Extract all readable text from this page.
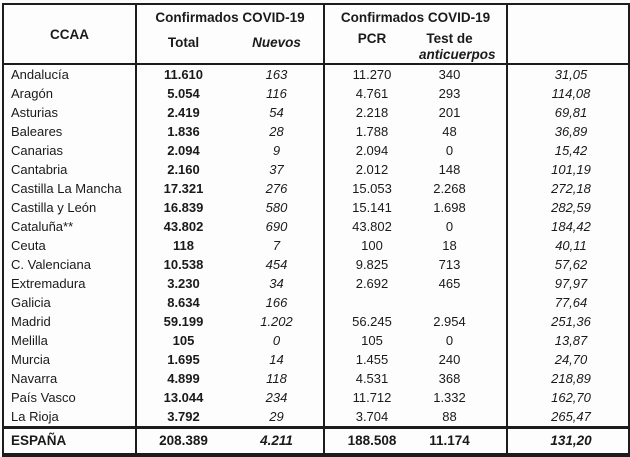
CCAA	Confirmados COVID-19		Confirmados COVID-19		

	Total	Nuevos	PCR	Test de
anticuerpos	

Andalucía	11.610	163	11.270	340	31,05
Aragón	5.054	116	4.761	293	114,08
Asturias	2.419	54	2.218	201	69,81
Baleares	1.836	28	1.788	48	36,89
Canarias	2.094	9	2.094	0	15,42
Cantabria	2.160	37	2.012	148	101,19
Castilla La Mancha	17.321	276	15.053	2.268	272,18
Castilla y León	16.839	580	15.141	1.698	282,59
Cataluña**	43.802	690	43.802	0	184,42
Ceuta	118	7	100	18	40,11
C. Valenciana	10.538	454	9.825	713	57,62
Extremadura	3.230	34	2.692	465	97,97
Galicia	8.634	166			77,64
Madrid	59.199	1.202	56.245	2.954	251,36
Melilla	105	0	105	0	13,87
Murcia	1.695	14	1.455	240	24,70
Navarra	4.899	118	4.531	368	218,89
País Vasco	13.044	234	11.712	1.332	162,70
La Rioja	3.792	29	3.704	88	265,47
ESPAÑA	208.389	4.211	188.508	11.174	131,20
